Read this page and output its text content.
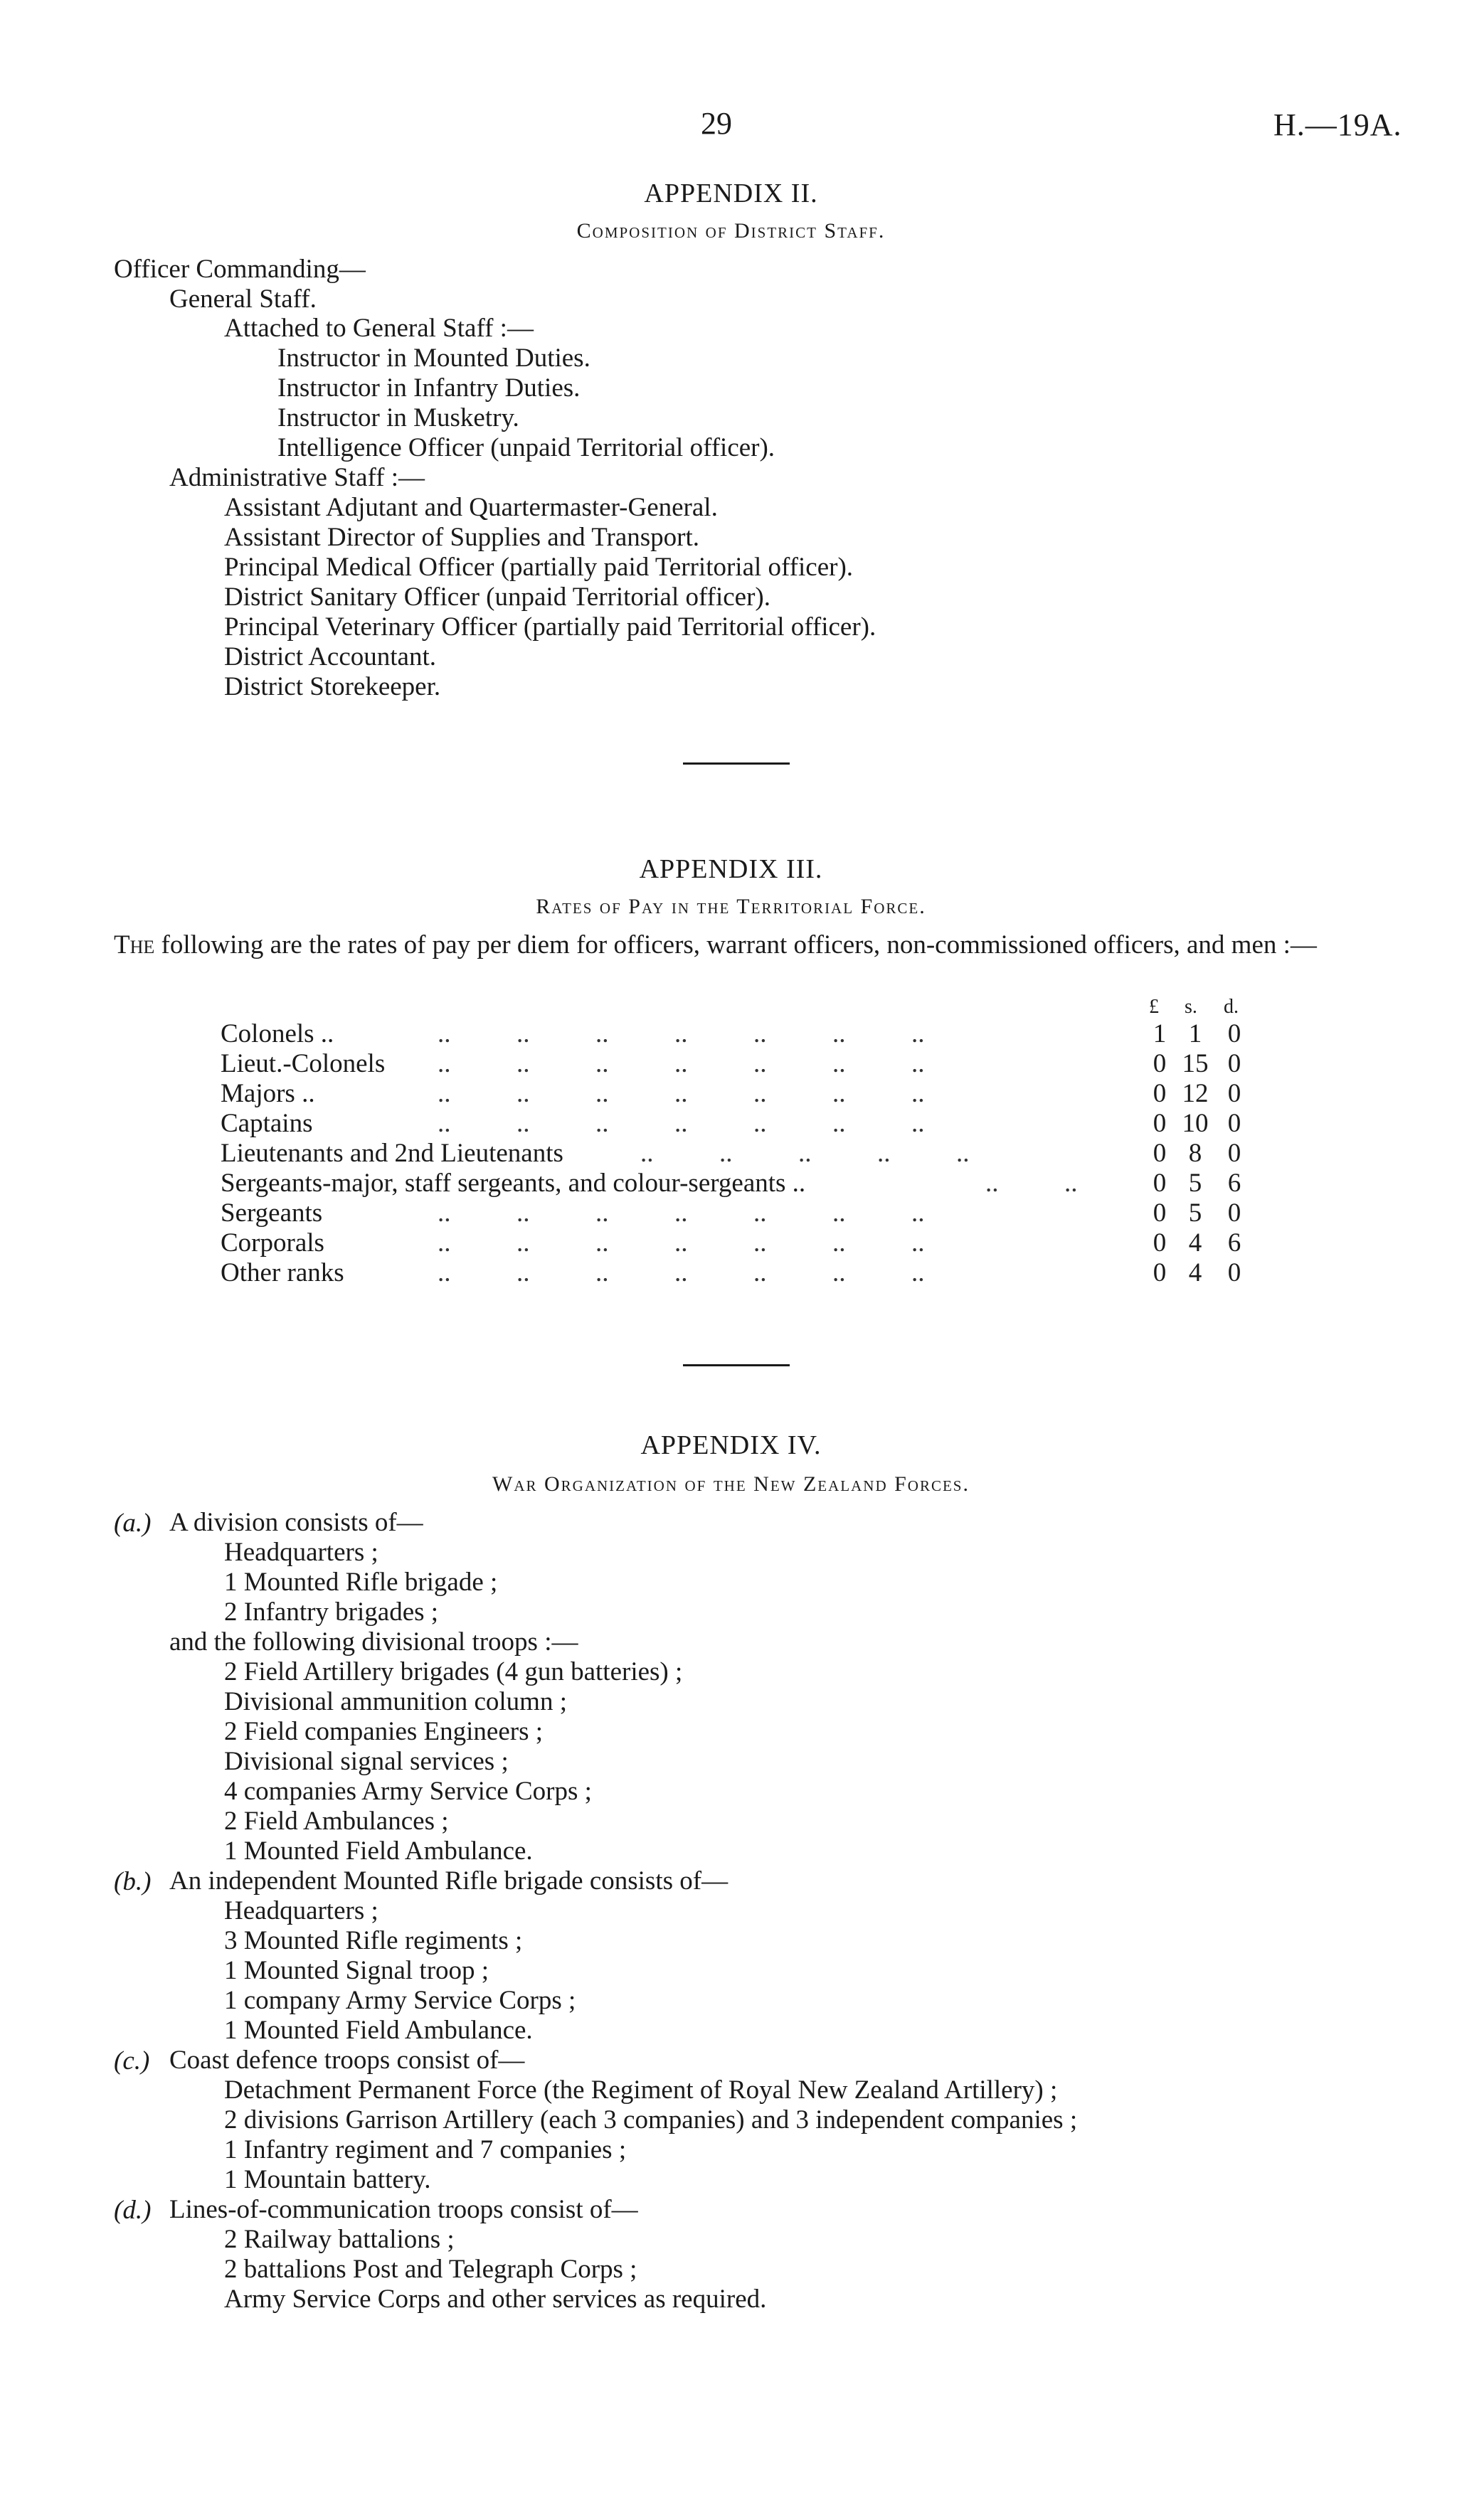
29	H.—19A.
APPENDIX II.
Composition of District Staff.
Officer Commanding—
General Staff.
Attached to General Staff :—
Instructor in Mounted Duties.
Instructor in Infantry Duties.
Instructor in Musketry.
Intelligence Officer (unpaid Territorial officer).
Administrative Staff :—
Assistant Adjutant and Quartermaster-General.
Assistant Director of Supplies and Transport.
Principal Medical Officer (partially paid Territorial officer).
District Sanitary Officer (unpaid Territorial officer).
Principal Veterinary Officer (partially paid Territorial officer).
District Accountant.
District Storekeeper.
APPENDIX III.
Rates of Pay in the Territorial Force.
The following are the rates of pay per diem for officers, warrant officers, non-commissioned officers, and men :—
£ s. d.
Colonels ..	..          ..          ..          ..          ..          ..          ..	1 1 0
Lieut.-Colonels ..          ..          ..          ..          ..          ..          ..	0 15 0
Majors ..	..          ..          ..          ..          ..          ..          ..	0 12 0
Captains	..          ..          ..          ..          ..          ..          ..	0 10 0
Lieutenants and 2nd Lieutenants	..          ..          ..          ..          ..	0 8 0
Sergeants-major, staff sergeants, and colour-sergeants ..	..          ..	0 5 6
Sergeants	..          ..          ..          ..          ..          ..          ..	0 5 0
Corporals	..          ..          ..          ..          ..          ..          ..	0 4 6
Other ranks	..          ..          ..          ..          ..          ..          ..	0 4 0
APPENDIX IV.
War Organization of the New Zealand Forces.
(a.) A division consists of—
Headquarters ;
1 Mounted Rifle brigade ;
2 Infantry brigades ;
and the following divisional troops :—
2 Field Artillery brigades (4 gun batteries) ;
Divisional ammunition column ;
2 Field companies Engineers ;
Divisional signal services ;
4 companies Army Service Corps ;
2 Field Ambulances ;
1 Mounted Field Ambulance.
(b.) An independent Mounted Rifle brigade consists of—
Headquarters ;
3 Mounted Rifle regiments ;
1 Mounted Signal troop ;
1 company Army Service Corps ;
1 Mounted Field Ambulance.
(c.) Coast defence troops consist of—
Detachment Permanent Force (the Regiment of Royal New Zealand Artillery) ;
2 divisions Garrison Artillery (each 3 companies) and 3 independent companies ;
1 Infantry regiment and 7 companies ;
1 Mountain battery.
(d.) Lines-of-communication troops consist of—
2 Railway battalions ;
2 battalions Post and Telegraph Corps ;
Army Service Corps and other services as required.
